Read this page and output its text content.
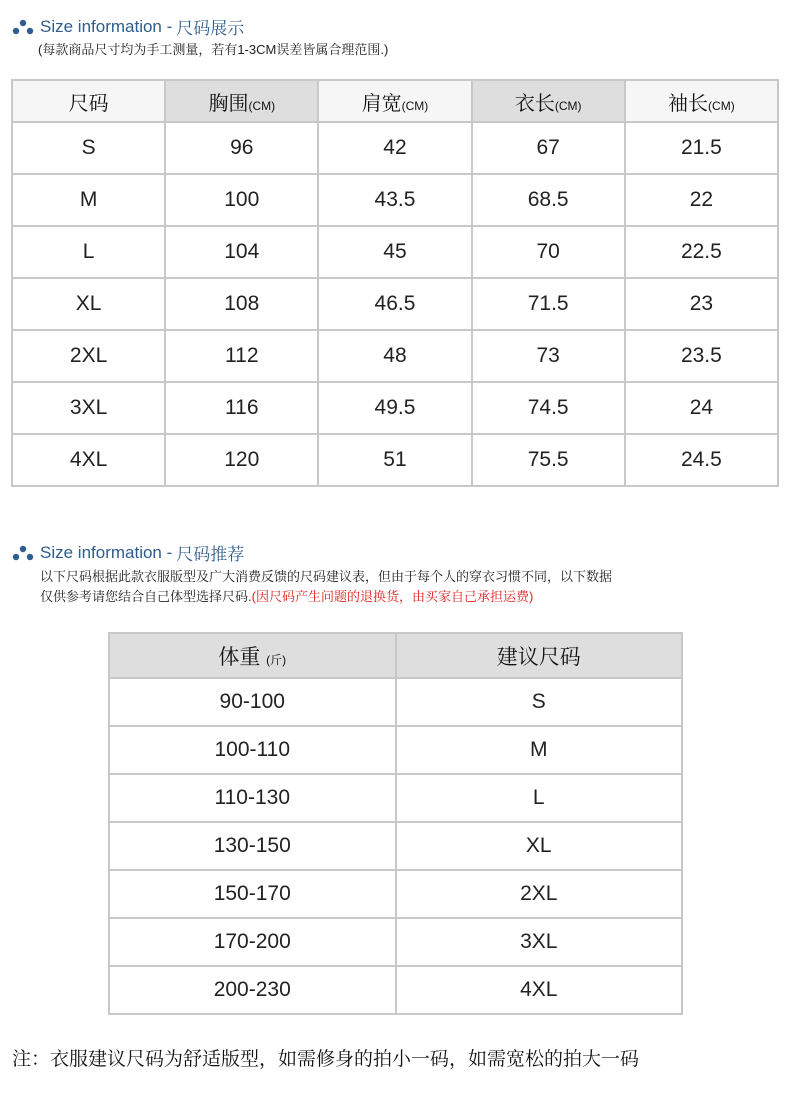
Size information - 尺码展示
(每款商品尺寸均为手工测量，若有1-3CM误差皆属合理范围.)
尺码	胸围(CM)	肩宽(CM)	衣长(CM)	袖长(CM)
S	96	42	67	21.5
M	100	43.5	68.5	22
L	104	45	70	22.5
XL	108	46.5	71.5	23
2XL	112	48	73	23.5
3XL	116	49.5	74.5	24
4XL	120	51	75.5	24.5
Size information - 尺码推荐
以下尺码根据此款衣服版型及广大消费反馈的尺码建议表，但由于每个人的穿衣习惯不同，以下数据
仅供参考请您结合自己体型选择尺码.(因尺码产生问题的退换货，由买家自己承担运费)
体重 (斤)	建议尺码
90-100	S
100-110	M
110-130	L
130-150	XL
150-170	2XL
170-200	3XL
200-230	4XL
注：衣服建议尺码为舒适版型，如需修身的拍小一码，如需宽松的拍大一码
